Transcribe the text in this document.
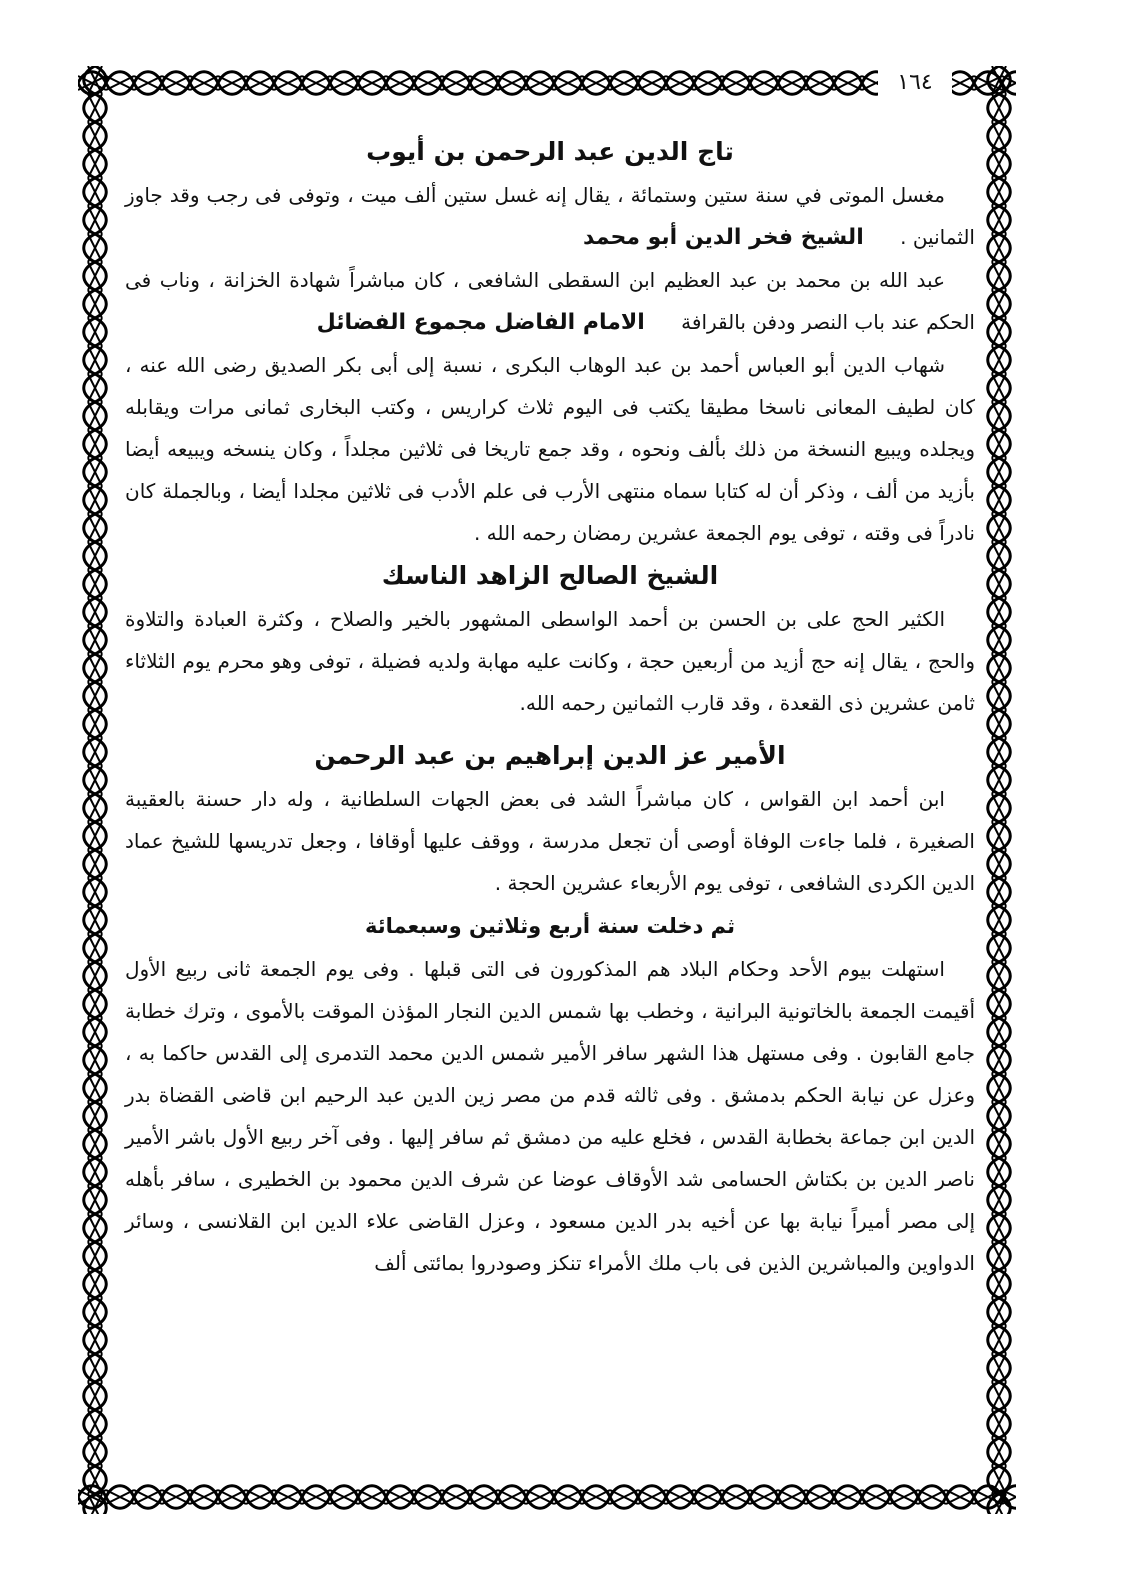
١٦٤
تاج الدين عبد الرحمن بن أيوب

مغسل الموتى في سنة ستين وستمائة ، يقال إنه غسل ستين ألف ميت ، وتوفى فى رجب وقد جاوز الثمانين . الشيخ فخر الدين أبو محمد

عبد الله بن محمد بن عبد العظيم ابن السقطى الشافعى ، كان مباشراً شهادة الخزانة ، وناب فى الحكم عند باب النصر ودفن بالقرافة الامام الفاضل مجموع الفضائل

شهاب الدين أبو العباس أحمد بن عبد الوهاب البكرى ، نسبة إلى أبى بكر الصديق رضى الله عنه ، كان لطيف المعانى ناسخا مطيقا يكتب فى اليوم ثلاث كراريس ، وكتب البخارى ثمانى مرات ويقابله ويجلده ويبيع النسخة من ذلك بألف ونحوه ، وقد جمع تاريخا فى ثلاثين مجلداً ، وكان ينسخه ويبيعه أيضا بأزيد من ألف ، وذكر أن له كتابا سماه منتهى الأرب فى علم الأدب فى ثلاثين مجلدا أيضا ، وبالجملة كان نادراً فى وقته ، توفى يوم الجمعة عشرين رمضان رحمه الله .

الشيخ الصالح الزاهد الناسك

الكثير الحج على بن الحسن بن أحمد الواسطى المشهور بالخير والصلاح ، وكثرة العبادة والتلاوة والحج ، يقال إنه حج أزيد من أربعين حجة ، وكانت عليه مهابة ولديه فضيلة ، توفى وهو محرم يوم الثلاثاء ثامن عشرين ذى القعدة ، وقد قارب الثمانين رحمه الله.

الأمير عز الدين إبراهيم بن عبد الرحمن

ابن أحمد ابن القواس ، كان مباشراً الشد فى بعض الجهات السلطانية ، وله دار حسنة بالعقيبة الصغيرة ، فلما جاءت الوفاة أوصى أن تجعل مدرسة ، ووقف عليها أوقافا ، وجعل تدريسها للشيخ عماد الدين الكردى الشافعى ، توفى يوم الأربعاء عشرين الحجة .

ثم دخلت سنة أربع وثلاثين وسبعمائة

استهلت بيوم الأحد وحكام البلاد هم المذكورون فى التى قبلها . وفى يوم الجمعة ثانى ربيع الأول أقيمت الجمعة بالخاتونية البرانية ، وخطب بها شمس الدين النجار المؤذن الموقت بالأموى ، وترك خطابة جامع القابون . وفى مستهل هذا الشهر سافر الأمير شمس الدين محمد التدمرى إلى القدس حاكما به ، وعزل عن نيابة الحكم بدمشق . وفى ثالثه قدم من مصر زين الدين عبد الرحيم ابن قاضى القضاة بدر الدين ابن جماعة بخطابة القدس ، فخلع عليه من دمشق ثم سافر إليها . وفى آخر ربيع الأول باشر الأمير ناصر الدين بن بكتاش الحسامى شد الأوقاف عوضا عن شرف الدين محمود بن الخطيرى ، سافر بأهله إلى مصر أميراً نيابة بها عن أخيه بدر الدين مسعود ، وعزل القاضى علاء الدين ابن القلانسى ، وسائر الدواوين والمباشرين الذين فى باب ملك الأمراء تنكز وصودروا بمائتى ألف
